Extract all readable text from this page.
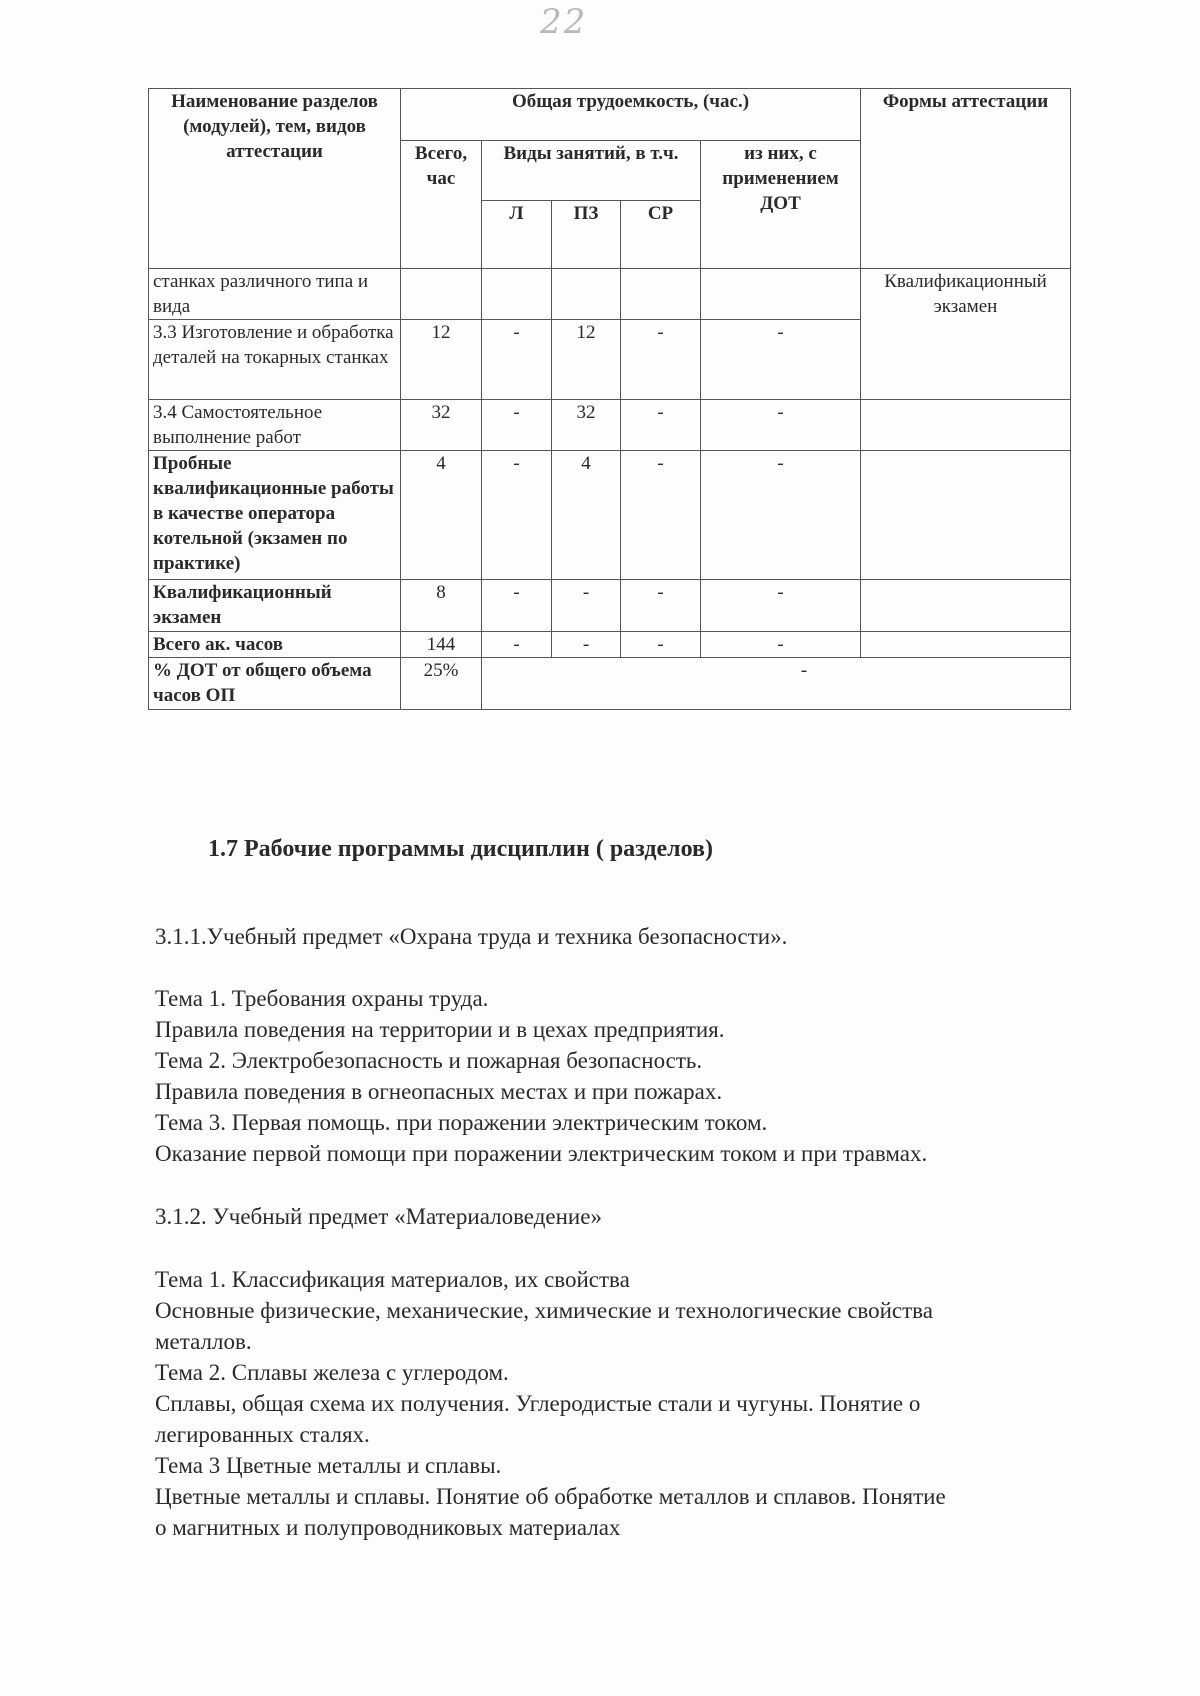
22
Наименование разделов (модулей), тем, видов аттестации	Общая трудоемкость, (час.)					Формы аттестации
	Всего, час	Виды занятий, в т.ч.			из них, с применением ДОТ	
		Л	ПЗ	СР		
станках различного типа и вида						Квалификационный экзамен
3.3 Изготовление и обработка деталей на токарных станках	12	-	12	-	-	
3.4 Самостоятельное выполнение работ	32	-	32	-	-	
Пробные квалификационные работы в качестве оператора котельной (экзамен по практике)	4	-	4	-	-	
Квалификационный экзамен	8	-	-	-	-	
Всего ак. часов	144	-	-	-	-	
% ДОТ от общего объема часов ОП	25%	-				
1.7 Рабочие программы дисциплин ( разделов)
3.1.1.Учебный предмет «Охрана труда и техника безопасности».
Тема 1. Требования охраны труда.
Правила поведения на территории и в цехах предприятия.
Тема 2. Электробезопасность и пожарная безопасность.
Правила поведения в огнеопасных местах и при пожарах.
Тема 3. Первая помощь. при поражении электрическим током.
Оказание первой помощи при поражении электрическим током и при травмах.
3.1.2. Учебный предмет «Материаловедение»
Тема 1. Классификация материалов, их свойства
Основные физические, механические, химические и технологические свойства
металлов.
Тема 2. Сплавы железа с углеродом.
Сплавы, общая схема их получения. Углеродистые стали и чугуны. Понятие о
легированных сталях.
Тема 3 Цветные металлы и сплавы.
Цветные металлы и сплавы. Понятие об обработке металлов и сплавов. Понятие
о магнитных и полупроводниковых материалах
